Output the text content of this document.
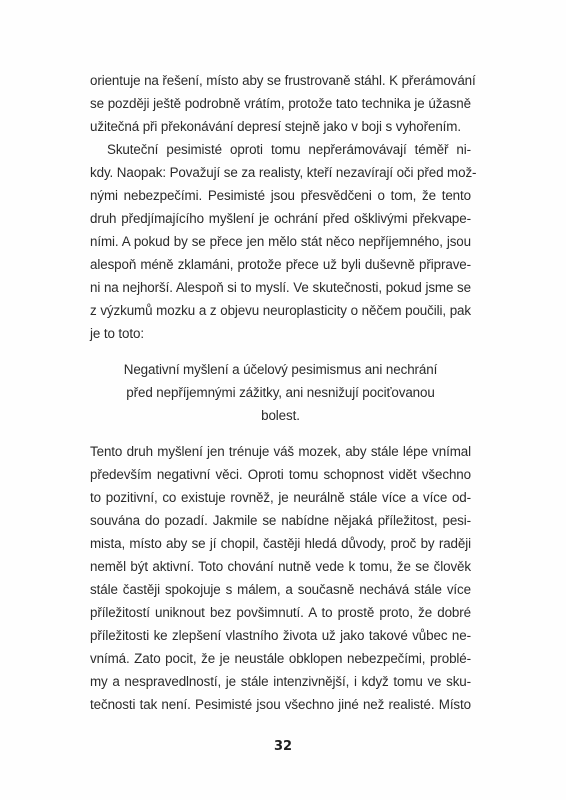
orientuje na řešení, místo aby se frustrovaně stáhl. K přerámování
se později ještě podrobně vrátím, protože tato technika je úžasně
užitečná při překonávání depresí stejně jako v boji s vyhořením.
Skuteční pesimisté oproti tomu nepřerámovávají téměř ni-
kdy. Naopak: Považují se za realisty, kteří nezavírají oči před mož-
nými nebezpečími. Pesimisté jsou přesvědčeni o tom, že tento
druh předjímajícího myšlení je ochrání před ošklivými překvape-
ními. A pokud by se přece jen mělo stát něco nepříjemného, jsou
alespoň méně zklamáni, protože přece už byli duševně připrave-
ni na nejhorší. Alespoň si to myslí. Ve skutečnosti, pokud jsme se
z výzkumů mozku a z objevu neuroplasticity o něčem poučili, pak
je to toto:
Negativní myšlení a účelový pesimismus ani nechrání
před nepříjemnými zážitky, ani nesnižují pociťovanou
bolest.
Tento druh myšlení jen trénuje váš mozek, aby stále lépe vnímal
především negativní věci. Oproti tomu schopnost vidět všechno
to pozitivní, co existuje rovněž, je neurálně stále více a více od-
souvána do pozadí. Jakmile se nabídne nějaká příležitost, pesi-
mista, místo aby se jí chopil, častěji hledá důvody, proč by raději
neměl být aktivní. Toto chování nutně vede k tomu, že se člověk
stále častěji spokojuje s málem, a současně nechává stále více
příležitostí uniknout bez povšimnutí. A to prostě proto, že dobré
příležitosti ke zlepšení vlastního života už jako takové vůbec ne-
vnímá. Zato pocit, že je neustále obklopen nebezpečími, problé-
my a nespravedlností, je stále intenzivnější, i když tomu ve sku-
tečnosti tak není. Pesimisté jsou všechno jiné než realisté. Místo
32
